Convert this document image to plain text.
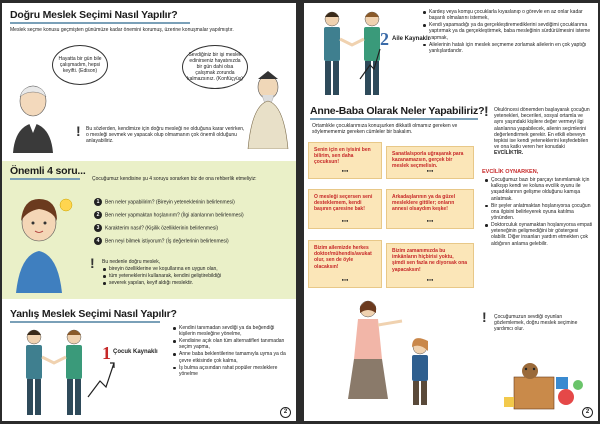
Doğru Meslek Seçimi Nasıl Yapılır?
Meslek seçme konusu geçmişten günümüze kadar önemini korumuş, üzerine konuşmalar yapılmıştır.
Hayatta bir gün bile çalışmadım, hepsi keyifti. (Edison)
Sevdiğiniz bir işi meslek edinirseniz hayatınızda bir gün dahi olsa çalışmak zorunda kalmazsınız. (Konfüçyüs)
! Bu sözlerden, kendimize için doğru mesleği ne olduğuna karar verirken, o mesleği sevmek ve yapacak olup olmamanın çok önemli olduğunu anlayabiliriz.
Önemli 4 soru...
Çocuğumuz kendisine şu 4 soruyu sorarken biz de ona rehberlik etmeliyiz:
1 Ben neler yapabilirim? (Bireyin yeteneklerinin belirlenmesi)
2 Ben neler yapmaktan hoşlanırım? (İlgi alanlarının belirlenmesi)
3 Karakterim nasıl? (Kişilik özelliklerinin belirlenmesi)
4 Ben neyi bilmek istiyorum? (İş değerlerinin belirlenmesi)
! Bu nedenle doğru meslek,
bireyin özelliklerine ve koşullarına en uygun olan,
tüm yeteneklerini kullanarak, kendini geliştirebildiği
severek yapılan, keyif aldığı meslektir.
Yanlış Meslek Seçimi Nasıl Yapılır?
1 Çocuk Kaynaklı
Kendini tanımadan sevdiği ya da beğendiği kişilerin mesleğine yönelme,
Kendisine açık olan tüm alternatifleri tanımadan seçim yapma,
Anne baba beklentilerine tamamıyla uyma ya da çevre etkisinde çok kalma,
İş bulma açısından rahat popüler mesleklere yönelme
2
2 Aile Kaynaklı
Kardeş veya komşu çocuklarla kıyaslanıp o görevle en az onlar kadar başarılı olmalarını istemek,
Kendi yapamadığı ya da gerçekleştiremediklerini sevdiğimi çocuklarıma yaptırmak ya da gerçekleştirmek, baba mesleğinin sürdürülmesini isteme yapmak,
Ailelerinin hatalı için meslek seçmeme zorlamak ailelerin en çok yaptığı yanlışlardandır.
Anne-Baba Olarak Neler Yapabiliriz?
Ortamlıkle çocuklarımıza konuşurken dikkatli olmamız gereken ve söylemememiz gereken cümleler bir bakalım.
Senin için en iyisini ben bilirim, sen daha çocuksun!
""
Sanatla/sporla uğraşarak para kazanamazsın, gerçek bir meslek seçmelisin.
""
O mesleği seçersen seni desteklemem, kendi başının çaresine bak!
""
Arkadaşlarının ya da güzel mesleklere gittiler; onların annesi olsaydım keşke!
""
Bizim ailemizde herkes doktor/mühendis/avukat olur, sen de öyle olacaksın!
""
Bizim zamanımızda bu imkânların hiçbirisi yoktu, şimdi sen fazla ne diyorsak ona yapacaksın!
""
! Okulöncesi dönemden başlayarak çocuğun yetenekleri, becerileri, sosyal ortamla ve aynı yaşındaki kişilere değer vermeyi ilgi alanlarına yapabilecek, ailenin seçimlerini değerlendirmek gerekir. En etkili ebeveyn tepkisi ise kendi yeteneklerini keşfedebilen ve ona katkı veren her konudaki EVCİLİKTİR.
EVCİLİK OYNARKEN,
Çocuğumuz bazı bir parçayı tanımlamak için kalkışıp kendi ve koluna evcilik oyunu ile yaşadıklarının gelişme olduğunu kamışa anlatmak.
Bir şeyler anlatmaktan hoşlanıyorsa çocuğun ona ilgisini belirleyerek oyuna katılma yönünden.
Doktorculuk oynamaktan hoşlanıyorsa empati yeteneğinin gelişmediğini bir göstergesi olabilir. Diğer insanları yardım etmekten çok aldığının anlama gelebilir.
! Çocuğumuzun sevdiği oyunları gözlemlemek, doğru meslek seçimine yardımcı olur.
2
